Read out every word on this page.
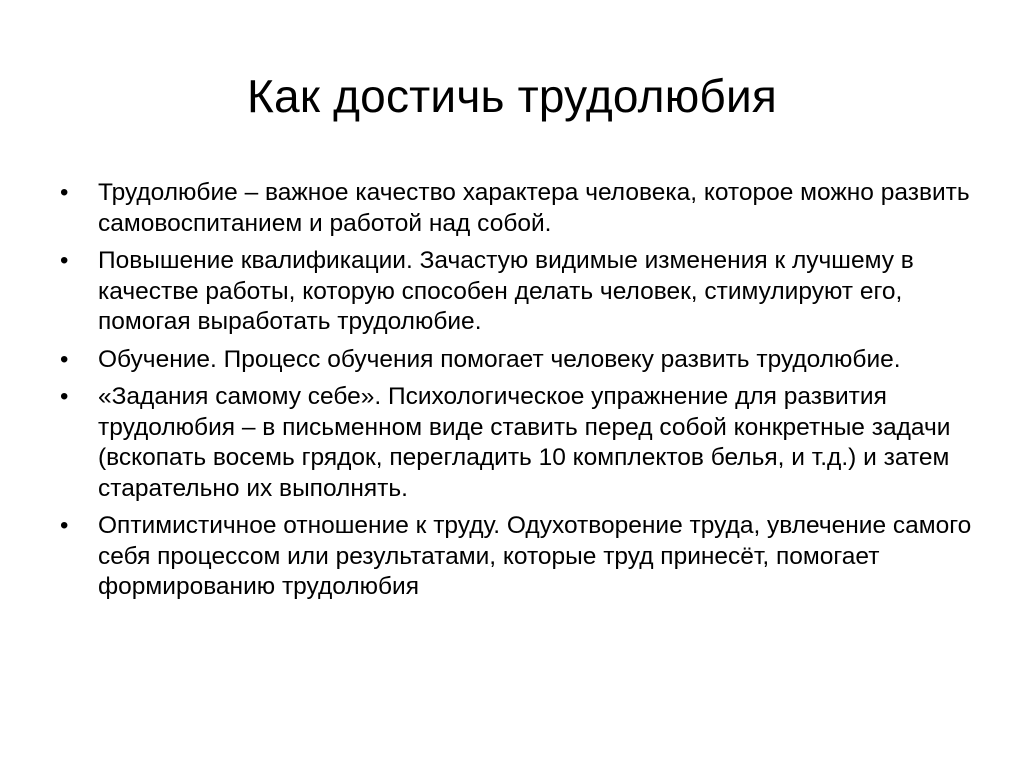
Как достичь трудолюбия
• Трудолюбие – важное качество характера человека, которое можно развить самовоспитанием и работой над собой.
• Повышение квалификации. Зачастую видимые изменения к лучшему в качестве работы, которую способен делать человек, стимулируют его, помогая выработать трудолюбие.
• Обучение. Процесс обучения помогает человеку развить трудолюбие.
• «Задания самому себе». Психологическое упражнение для развития трудолюбия – в письменном виде ставить перед собой конкретные задачи (вскопать восемь грядок, перегладить 10 комплектов белья, и т.д.) и затем старательно их выполнять.
• Оптимистичное отношение к труду. Одухотворение труда, увлечение самого себя процессом или результатами, которые труд принесёт, помогает формированию трудолюбия
